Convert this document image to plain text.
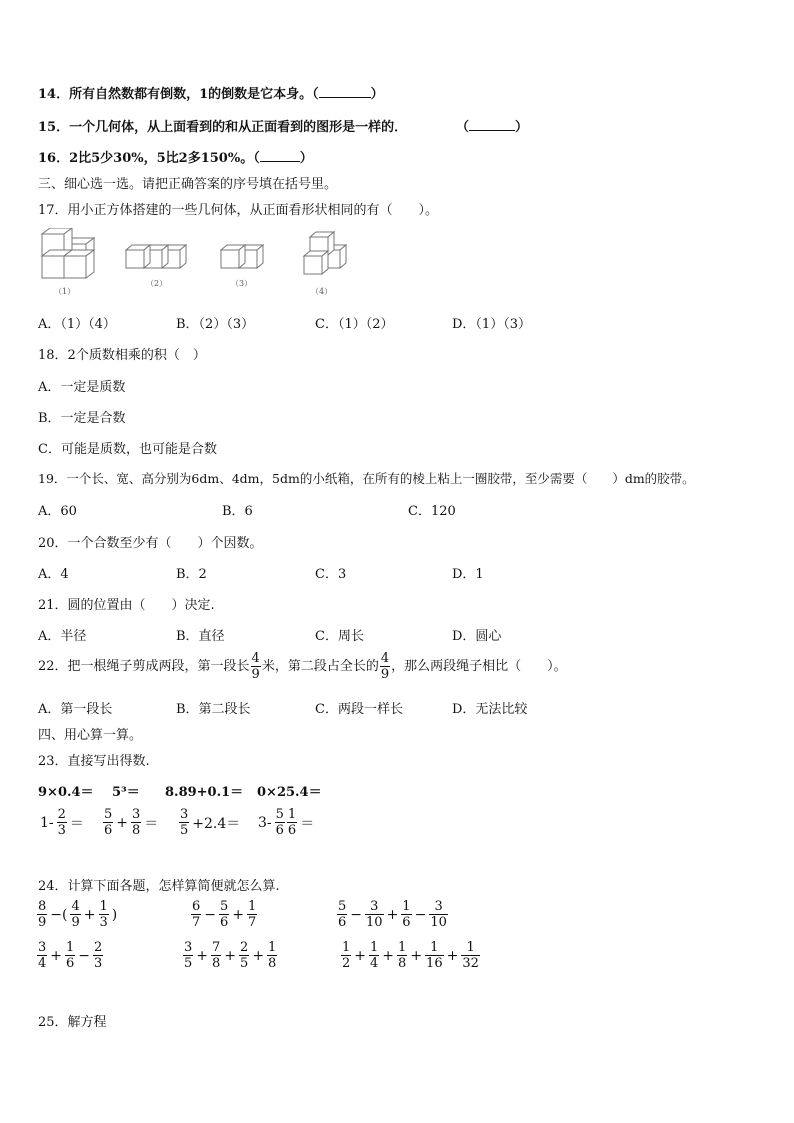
14．所有自然数都有倒数，1的倒数是它本身。（	）
15．一个几何体，从上面看到的和从正面看到的图形是一样的．	（	）
16．2比5少30%，5比2多150%。（	）
三、细心选一选。请把正确答案的序号填在括号里。
17．用小正方体搭建的一些几何体，从正面看形状相同的有（　　）。
（1）
（2）	（3）
（4）
A．（1）（4）	B．（2）（3）	C．（1）（2）	D．（1）（3）
18．2个质数相乘的积（　）
A．一定是质数
B．一定是合数
C．可能是质数，也可能是合数
19．一个长、宽、高分别为6dm、4dm，5dm的小纸箱，在所有的棱上粘上一圈胶带，至少需要（　　）dm的胶带。
A．60	B．6	C．120
20．一个合数至少有（　　）个因数。
A．4	B．2	C．3	D．1
21．圆的位置由（　　）决定.
A．半径	B．直径	C．周长	D．圆心
22．把一根绳子剪成两段，第一段长 $\frac{4}{9}$ 米，第二段占全长的 $\frac{4}{9}$ ，那么两段绳子相比（　　）。
A．第一段长	B．第二段长	C．两段一样长	D．无法比较
四、用心算一算。
23．直接写出得数.
9×0.4＝ 5³＝ 8.89+0.1＝ 0×25.4＝
$1- \frac{2}{3} = \frac{5}{6} + \frac{3}{8} = \frac{3}{5} +2.4= 3- \frac{5}{6} \frac{1}{6}$ ＝
24．计算下面各题，怎样算简便就怎么算.
$\frac{8}{9}$ −( $\frac{4}{9} + \frac{1}{3}$ )	$\frac{6}{7} - \frac{5}{6} + \frac{1}{7}$	$\frac{5}{6} - \frac{3}{10} + \frac{1}{6} - \frac{3}{10}$
$\frac{3}{4} + \frac{1}{6} - \frac{2}{3}$	$\frac{3}{5} + \frac{7}{8} + \frac{2}{5} + \frac{1}{8}$	$\frac{1}{2} + \frac{1}{4} + \frac{1}{8} + \frac{1}{16} + \frac{1}{32}$
25．解方程
